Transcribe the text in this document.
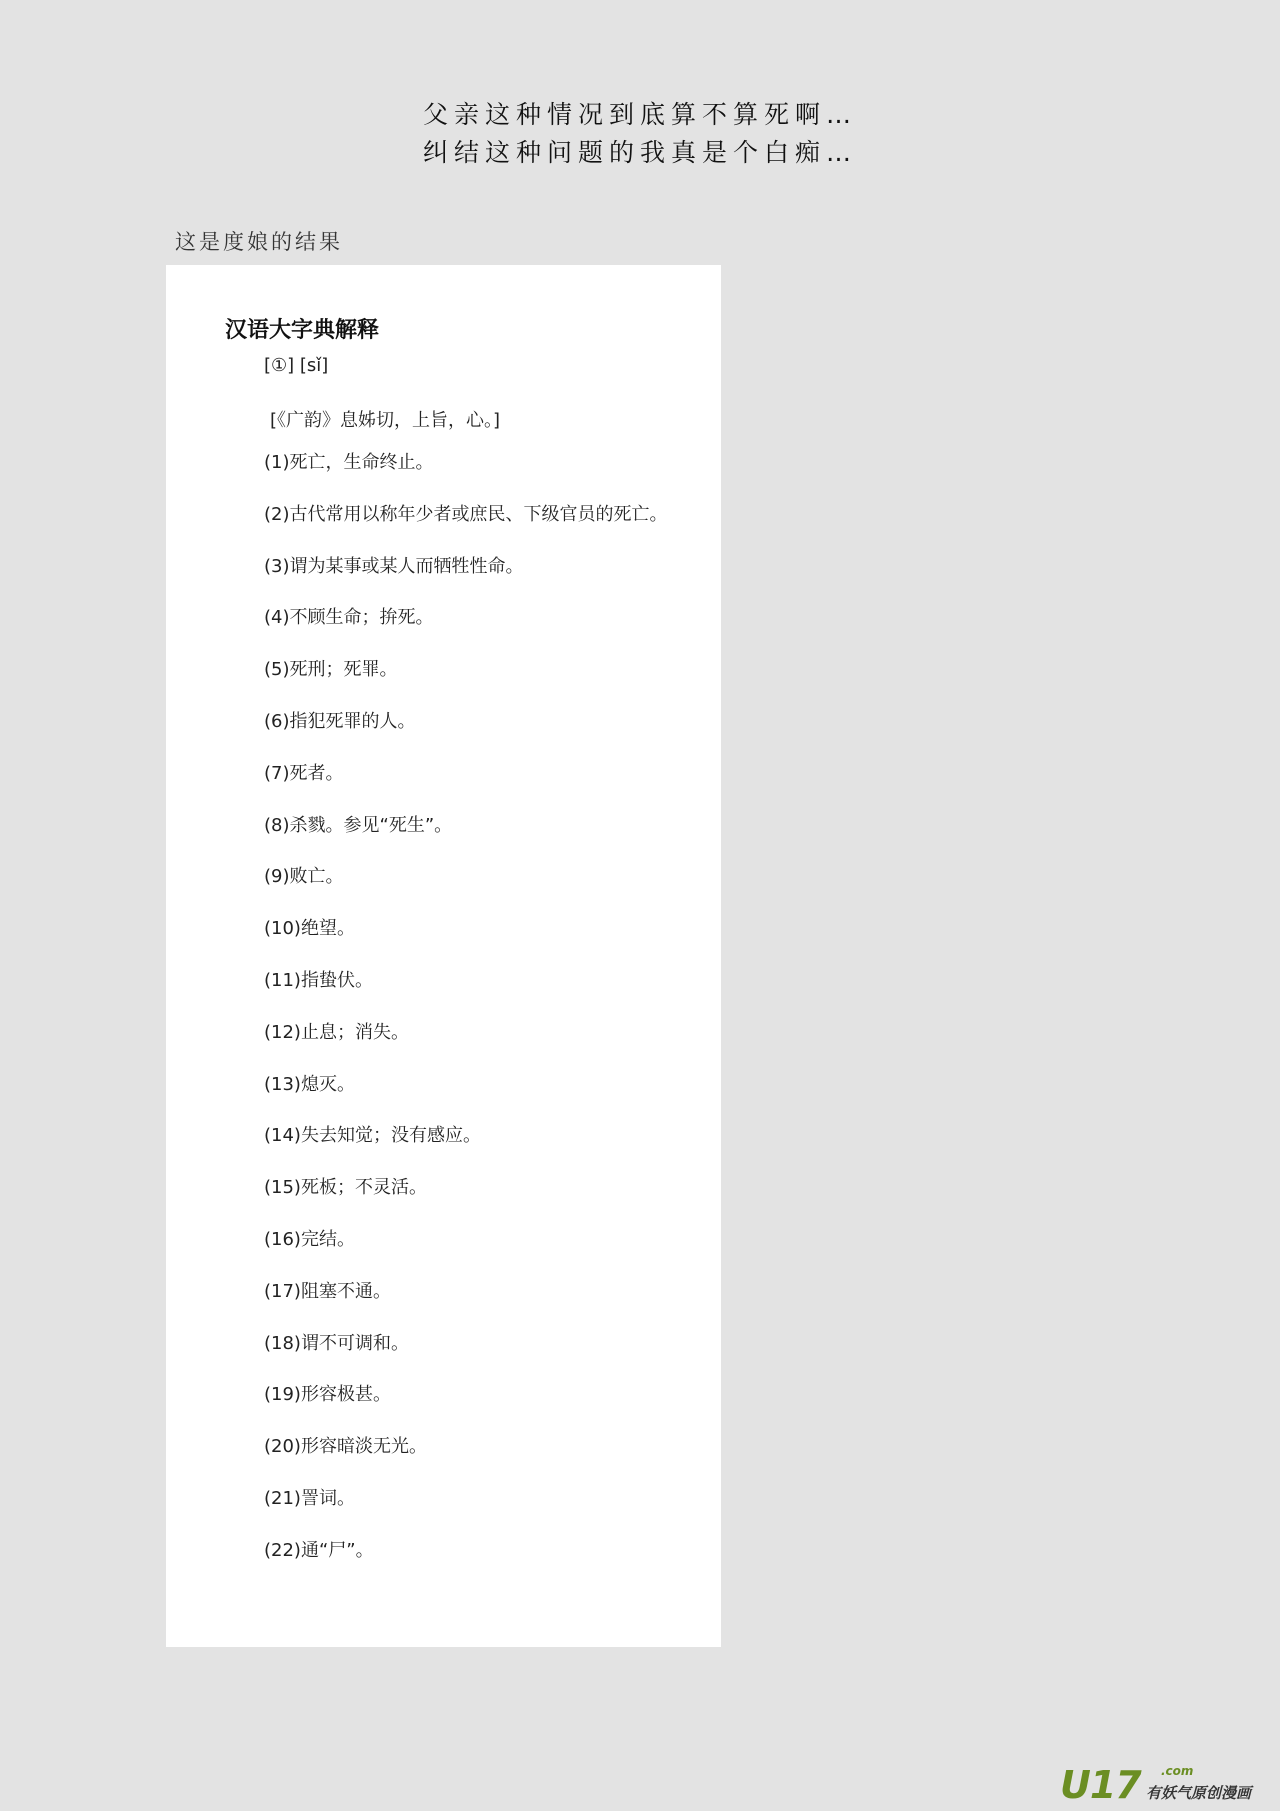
父亲这种情况到底算不算死啊…
纠结这种问题的我真是个白痴…
这是度娘的结果
汉语大字典解释
[①] [sǐ]
[《广韵》息姊切，上旨，心。]
(1)死亡，生命终止。
(2)古代常用以称年少者或庶民、下级官员的死亡。
(3)谓为某事或某人而牺牲性命。
(4)不顾生命；拚死。
(5)死刑；死罪。
(6)指犯死罪的人。
(7)死者。
(8)杀戮。参见“死生”。
(9)败亡。
(10)绝望。
(11)指蛰伏。
(12)止息；消失。
(13)熄灭。
(14)失去知觉；没有感应。
(15)死板；不灵活。
(16)完结。
(17)阻塞不通。
(18)谓不可调和。
(19)形容极甚。
(20)形容暗淡无光。
(21)詈词。
(22)通“尸”。
U17 .com
有妖气原创漫画
